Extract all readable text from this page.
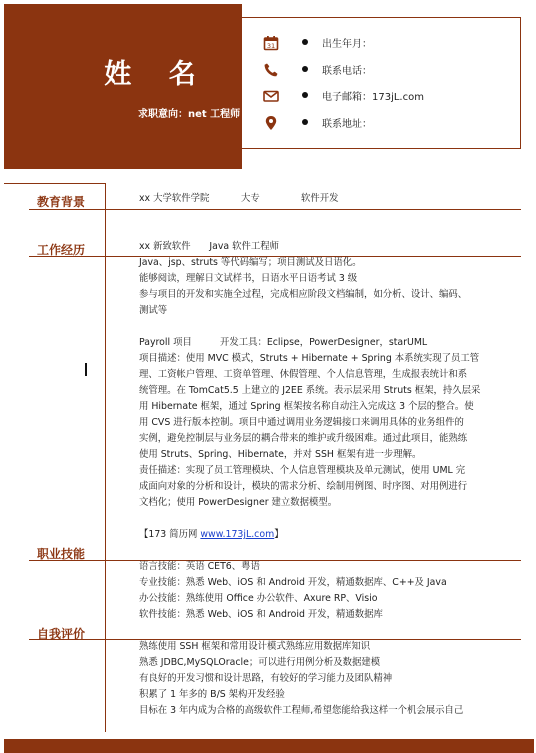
姓 名
求职意向：net 工程师
31	出生年月：
联系电话：
电子邮箱：173jL.com
联系地址：
教育背景	xx 大学软件学院	大专	软件开发
工作经历	xx 新致软件　　Java 软件工程师
Java、jsp、struts 等代码编写；项目测试及日语化。
能够阅读，理解日文试样书，日语水平日语考试 3 级
参与项目的开发和实施全过程，完成相应阶段文档编制，如分析、设计、编码、
测试等
Payroll 项目　　　开发工具：Eclipse，PowerDesigner，starUML
项目描述：使用 MVC 模式，Struts + Hibernate + Spring 本系统实现了员工管
理、工资帐户管理、工资单管理、休假管理、个人信息管理，生成报表统计和系
统管理。在 TomCat5.5 上建立的 J2EE 系统。表示层采用 Struts 框架，持久层采
用 Hibernate 框架，通过 Spring 框架按名称自动注入完成这 3 个层的整合。使
用 CVS 进行版本控制。项目中通过调用业务逻辑接口来调用具体的业务组件的
实例，避免控制层与业务层的耦合带来的维护或升级困难。通过此项目，能熟练
使用 Struts、Spring、Hibernate，并对 SSH 框架有进一步理解。
责任描述：实现了员工管理模块、个人信息管理模块及单元测试，使用 UML 完
成面向对象的分析和设计，模块的需求分析、绘制用例图、时序图、对用例进行
文档化；使用 PowerDesigner 建立数据模型。
【173 简历网 www.173jL.com】
职业技能
语言技能：英语 CET6、粤语
专业技能：熟悉 Web、iOS 和 Android 开发，精通数据库、C++及 Java
办公技能：熟练使用 Office 办公软件、Axure RP、Visio
软件技能：熟悉 Web、iOS 和 Android 开发，精通数据库
自我评价
熟练使用 SSH 框架和常用设计模式熟练应用数据库知识
熟悉 JDBC,MySQLOracle；可以进行用例分析及数据建模
有良好的开发习惯和设计思路，有较好的学习能力及团队精神
积累了 1 年多的 B/S 架构开发经验
目标在 3 年内成为合格的高级软件工程师,希望您能给我这样一个机会展示自己
